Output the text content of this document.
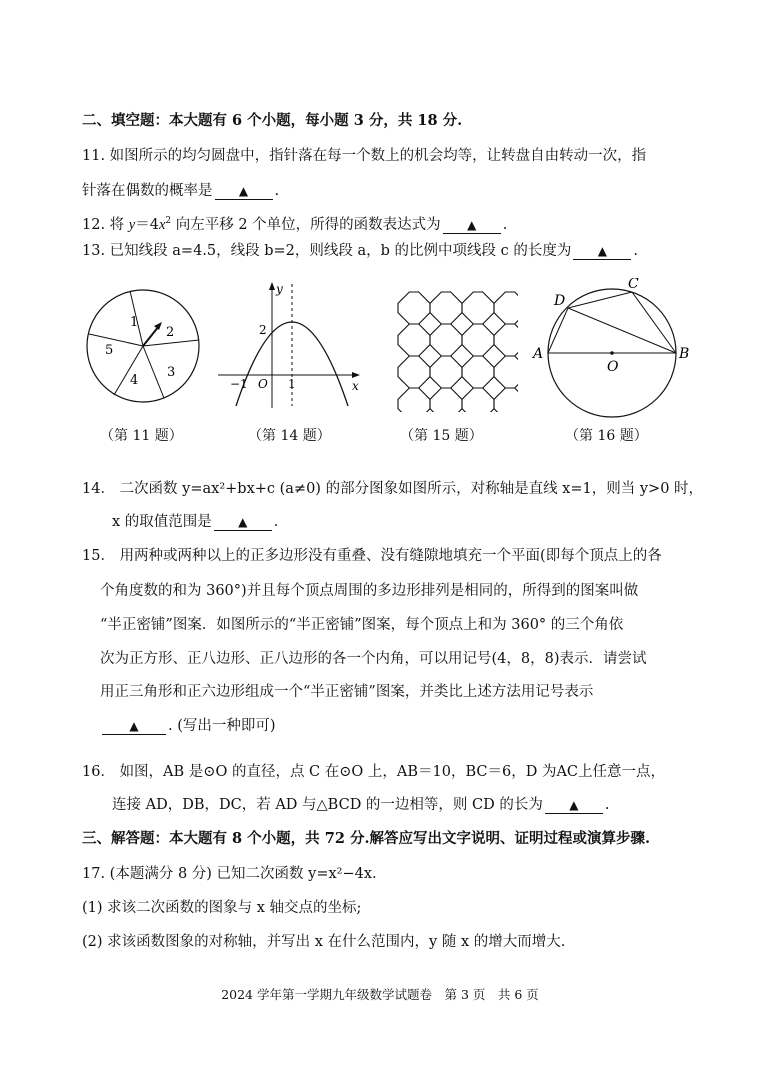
二、填空题：本大题有 6 个小题，每小题 3 分，共 18 分.
11. 如图所示的均匀圆盘中，指针落在每一个数上的机会均等，让转盘自由转动一次，指
针落在偶数的概率是 ▲ .
12. 将 $y=4x^2$ 向左平移 2 个单位，所得的函数表达式为 ▲ .
13. 已知线段 a=4.5，线段 b=2，则线段 a，b 的比例中项线段 c 的长度为 ▲ .
1
2
3
4
5
y
x
O
−1	1
2
A	B
C
D
O
（第 11 题）	（第 14 题）	（第 15 题）	（第 16 题）
14． 二次函数 y=ax²+bx+c (a≠0) 的部分图象如图所示，对称轴是直线 x=1，则当 y>0 时，
x 的取值范围是 ▲ .
15． 用两种或两种以上的正多边形没有重叠、没有缝隙地填充一个平面(即每个顶点上的各
个角度数的和为 360°)并且每个顶点周围的多边形排列是相同的，所得到的图案叫做
“半正密铺”图案．如图所示的“半正密铺”图案，每个顶点上和为 360° 的三个角依
次为正方形、正八边形、正八边形的各一个内角，可以用记号(4，8，8)表示．请尝试
用正三角形和正六边形组成一个“半正密铺”图案，并类比上述方法用记号表示
▲ . (写出一种即可)
16． 如图，AB 是⊙O 的直径，点 C 在⊙O 上，AB＝10，BC＝6，D 为AC上任意一点，
连接 AD，DB，DC，若 AD 与△BCD 的一边相等，则 CD 的长为 ▲ .
三、解答题：本大题有 8 个小题，共 72 分.解答应写出文字说明、证明过程或演算步骤.
17. (本题满分 8 分) 已知二次函数 y=x²−4x.
(1) 求该二次函数的图象与 x 轴交点的坐标;
(2) 求该函数图象的对称轴，并写出 x 在什么范围内，y 随 x 的增大而增大.
2024 学年第一学期九年级数学试题卷　第 3 页　共 6 页
